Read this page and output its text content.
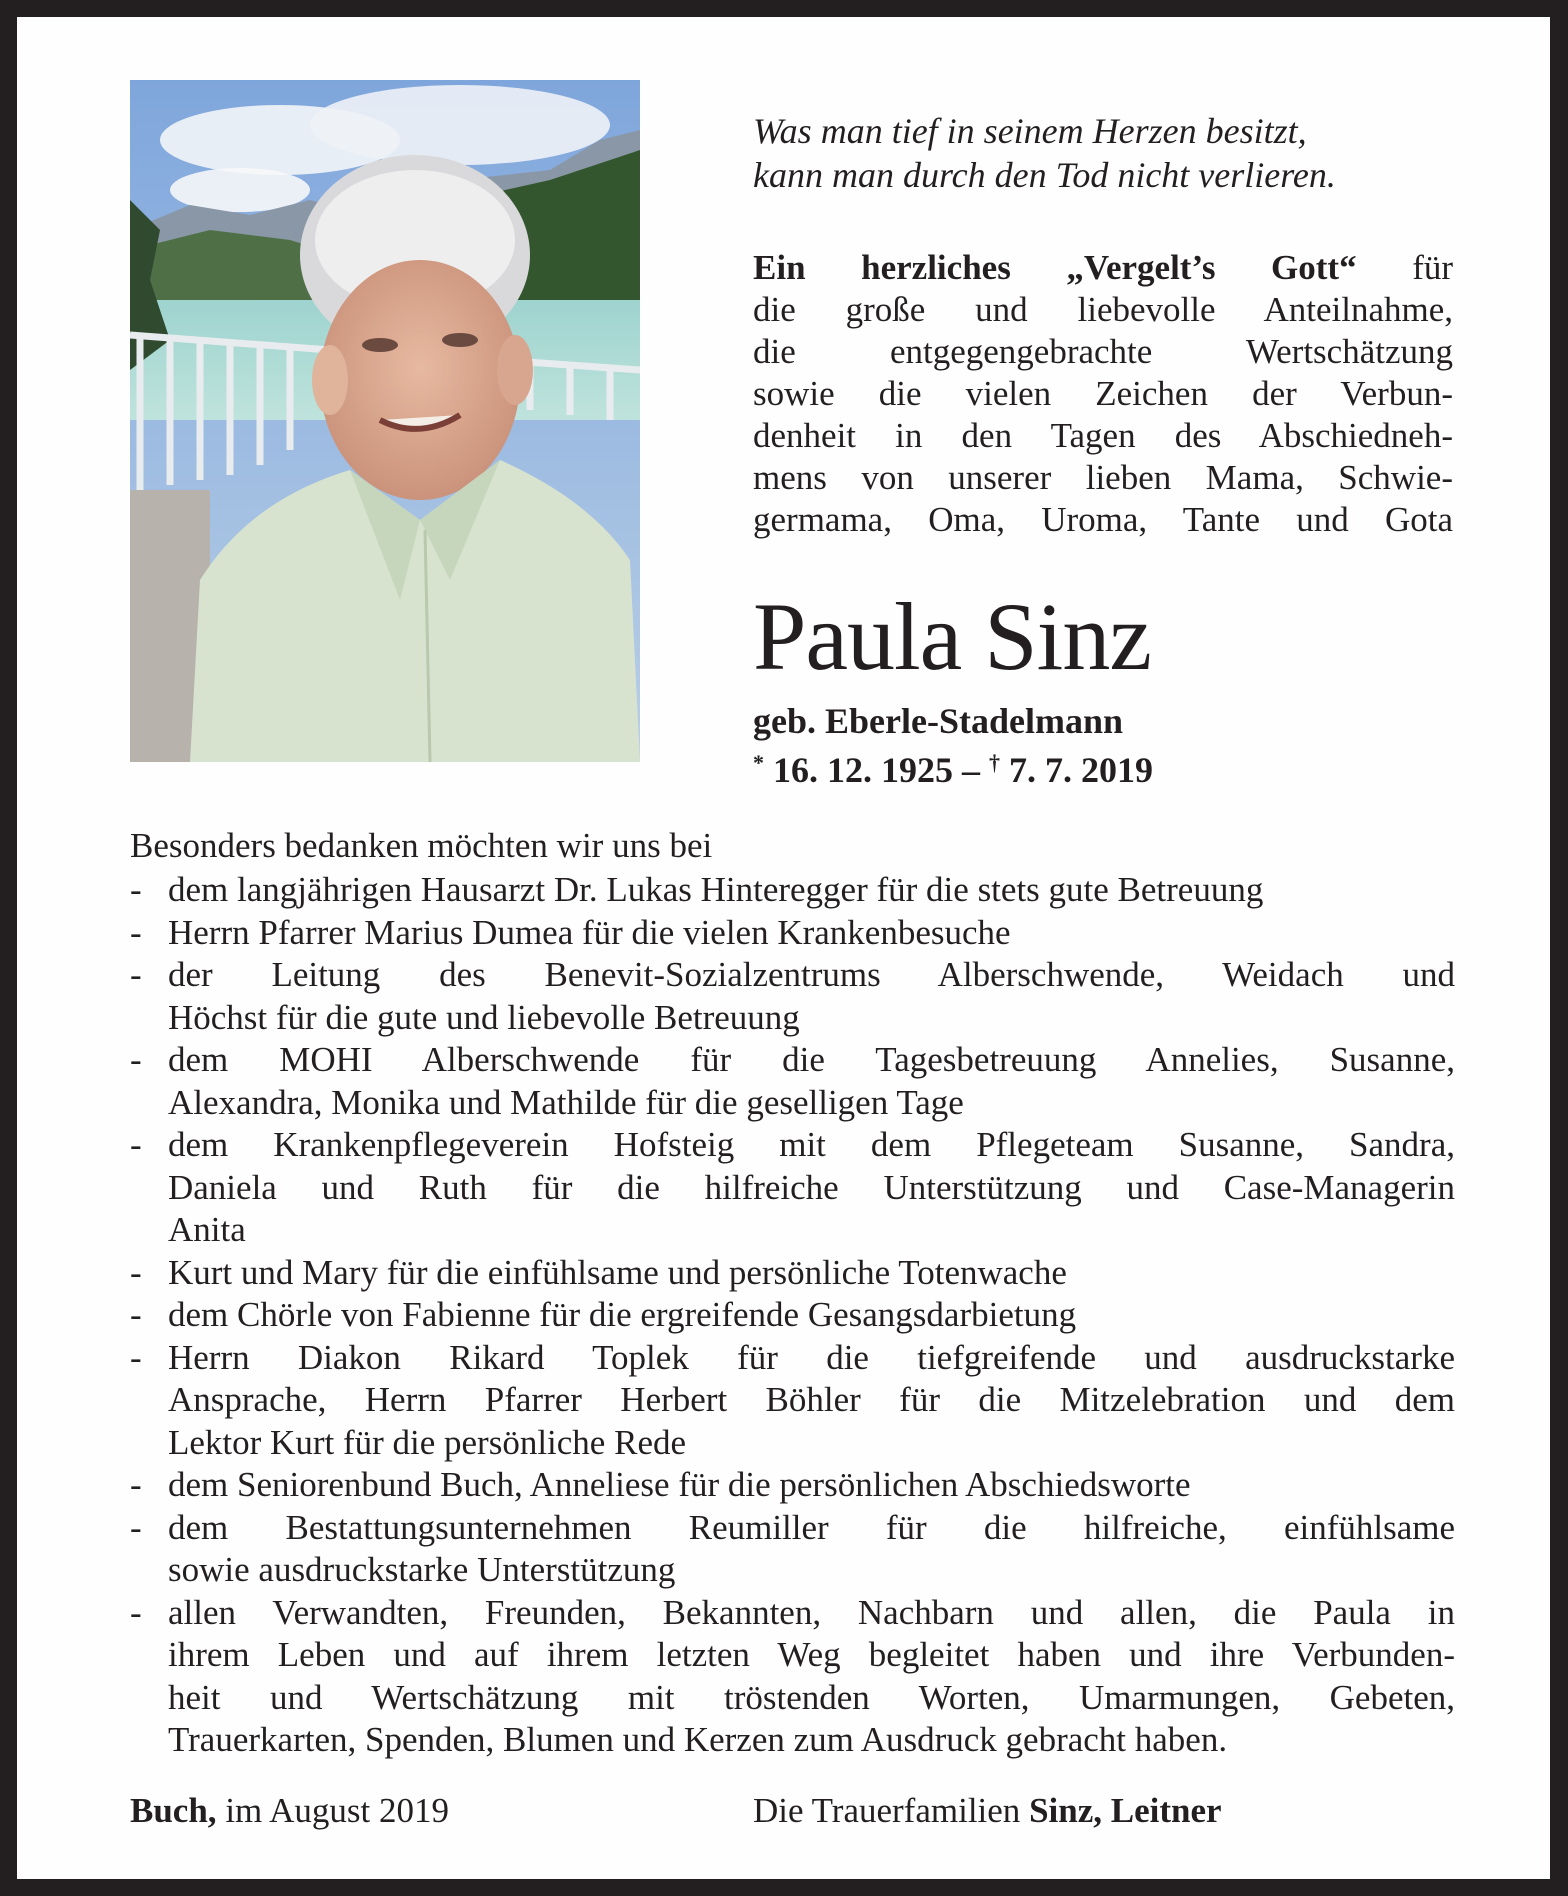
Was man tief in seinem Herzen besitzt,
kann man durch den Tod nicht verlieren.
Ein herzliches „Vergelt’s Gott“ für
die große und liebevolle Anteilnahme,
die entgegengebrachte Wertschätzung
sowie die vielen Zeichen der Verbun-
denheit in den Tagen des Abschiedneh-
mens von unserer lieben Mama, Schwie-
germama, Oma, Uroma, Tante und Gota
Paula Sinz
geb. Eberle-Stadelmann
* 16. 12. 1925 – † 7. 7. 2019
Besonders bedanken möchten wir uns bei
- dem langjährigen Hausarzt Dr. Lukas Hinteregger für die stets gute Betreuung
- Herrn Pfarrer Marius Dumea für die vielen Krankenbesuche
- der Leitung des Benevit-Sozialzentrums Alberschwende, Weidach und
Höchst für die gute und liebevolle Betreuung
- dem MOHI Alberschwende für die Tagesbetreuung Annelies, Susanne,
Alexandra, Monika und Mathilde für die geselligen Tage
- dem Krankenpflegeverein Hofsteig mit dem Pflegeteam Susanne, Sandra,
Daniela und Ruth für die hilfreiche Unterstützung und Case-Managerin
Anita
- Kurt und Mary für die einfühlsame und persönliche Totenwache
- dem Chörle von Fabienne für die ergreifende Gesangsdarbietung
- Herrn Diakon Rikard Toplek für die tiefgreifende und ausdruckstarke
Ansprache, Herrn Pfarrer Herbert Böhler für die Mitzelebration und dem
Lektor Kurt für die persönliche Rede
- dem Seniorenbund Buch, Anneliese für die persönlichen Abschiedsworte
- dem Bestattungsunternehmen Reumiller für die hilfreiche, einfühlsame
sowie ausdruckstarke Unterstützung
- allen Verwandten, Freunden, Bekannten, Nachbarn und allen, die Paula in
ihrem Leben und auf ihrem letzten Weg begleitet haben und ihre Verbunden-
heit und Wertschätzung mit tröstenden Worten, Umarmungen, Gebeten,
Trauerkarten, Spenden, Blumen und Kerzen zum Ausdruck gebracht haben.
Buch, im August 2019	Die Trauerfamilien Sinz, Leitner
